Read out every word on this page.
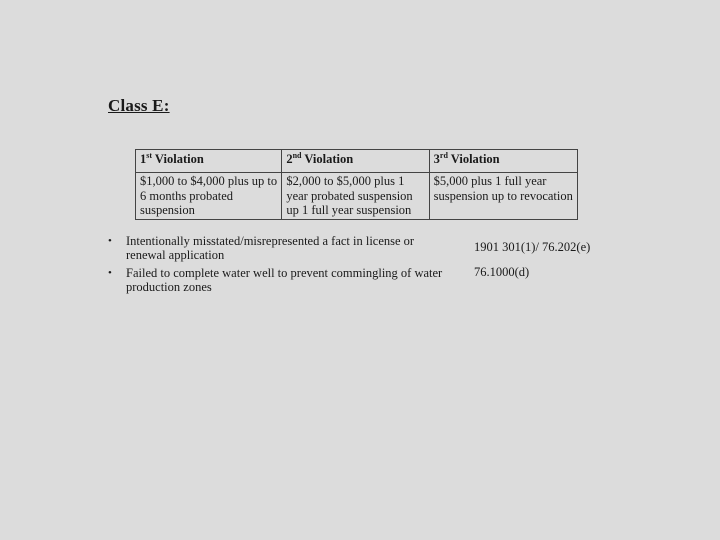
Class E:
1st Violation	2nd Violation	3rd Violation
$1,000 to $4,000 plus up to 6 months probated suspension	$2,000 to $5,000 plus 1 year probated suspension up 1 full year suspension	$5,000 plus 1 full year suspension up to revocation
•	Intentionally misstated/misrepresented a fact in license or renewal application
1901 301(1)/ 76.202(e)
•	Failed to complete water well to prevent commingling of water production zones
76.1000(d)
